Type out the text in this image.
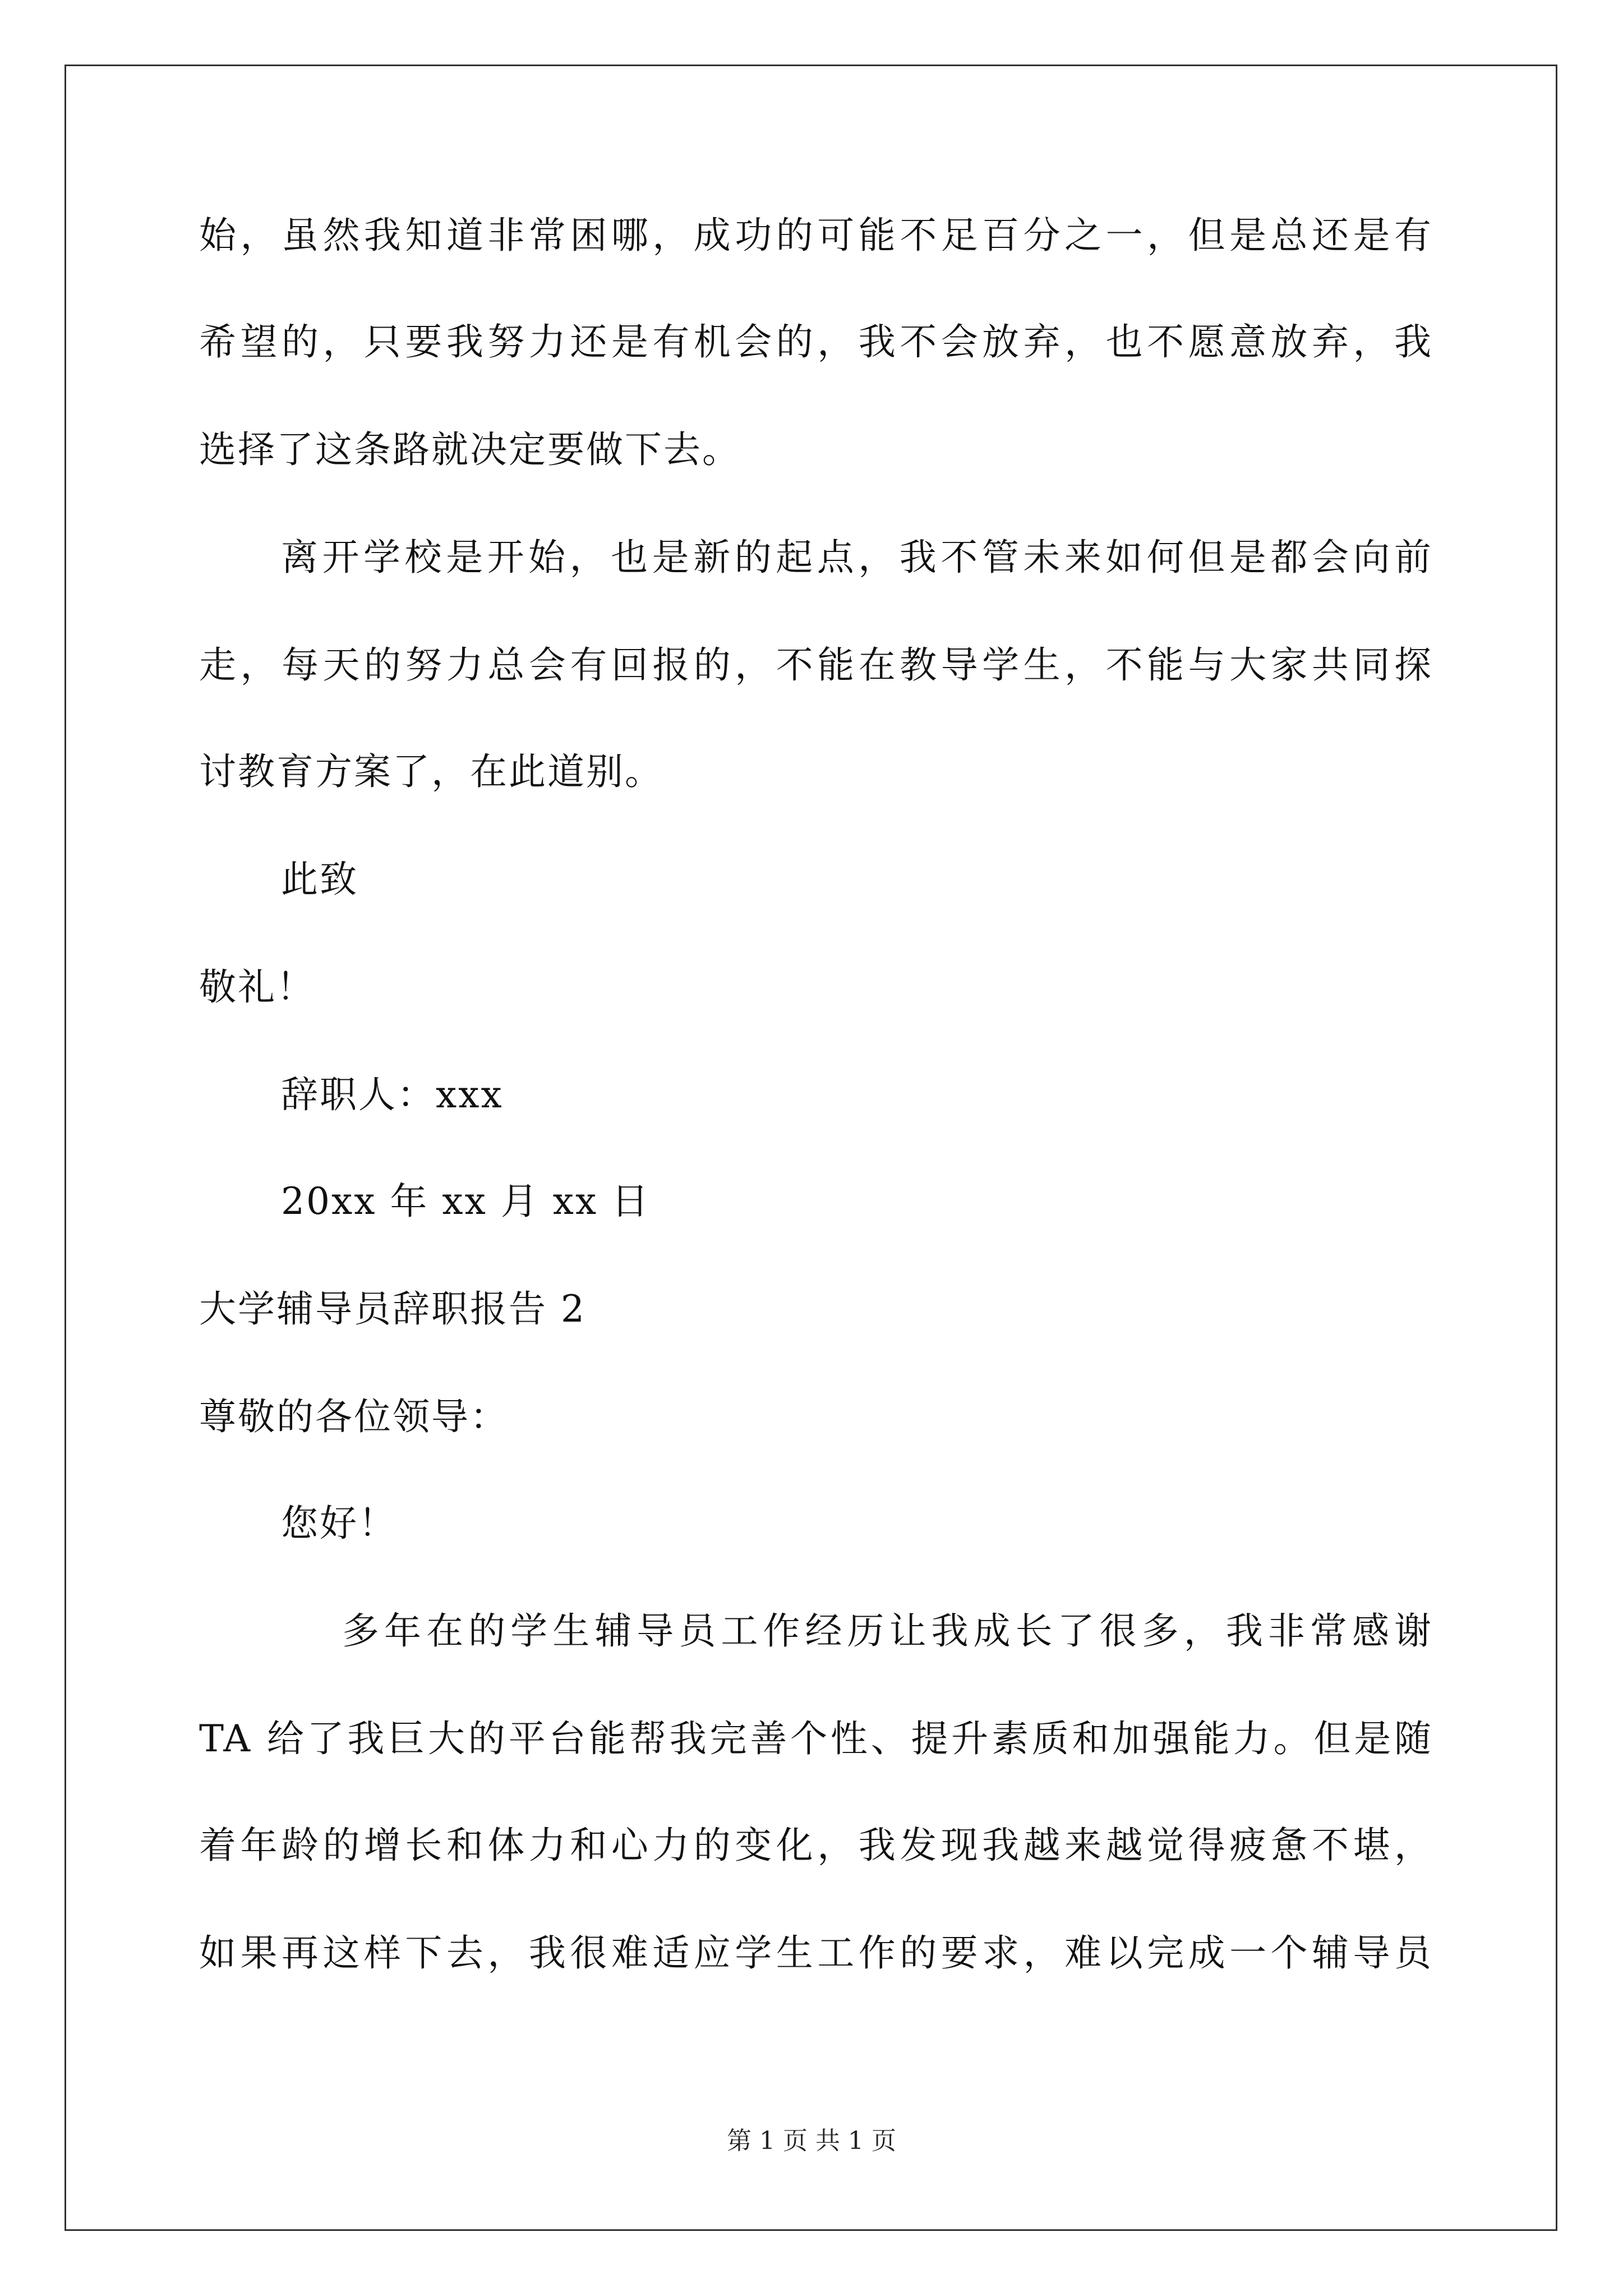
始，虽然我知道非常困哪，成功的可能不足百分之一，但是总还是有
希望的，只要我努力还是有机会的，我不会放弃，也不愿意放弃，我
选择了这条路就决定要做下去。
离开学校是开始，也是新的起点，我不管未来如何但是都会向前
走，每天的努力总会有回报的，不能在教导学生，不能与大家共同探
讨教育方案了，在此道别。
此致
敬礼！
辞职人：xxx
20xx 年 xx 月 xx 日
大学辅导员辞职报告 2
尊敬的各位领导：
您好！
多年在的学生辅导员工作经历让我成长了很多，我非常感谢
TA 给了我巨大的平台能帮我完善个性、提升素质和加强能力。但是随
着年龄的增长和体力和心力的变化，我发现我越来越觉得疲惫不堪，
如果再这样下去，我很难适应学生工作的要求，难以完成一个辅导员
第 1 页 共 1 页
